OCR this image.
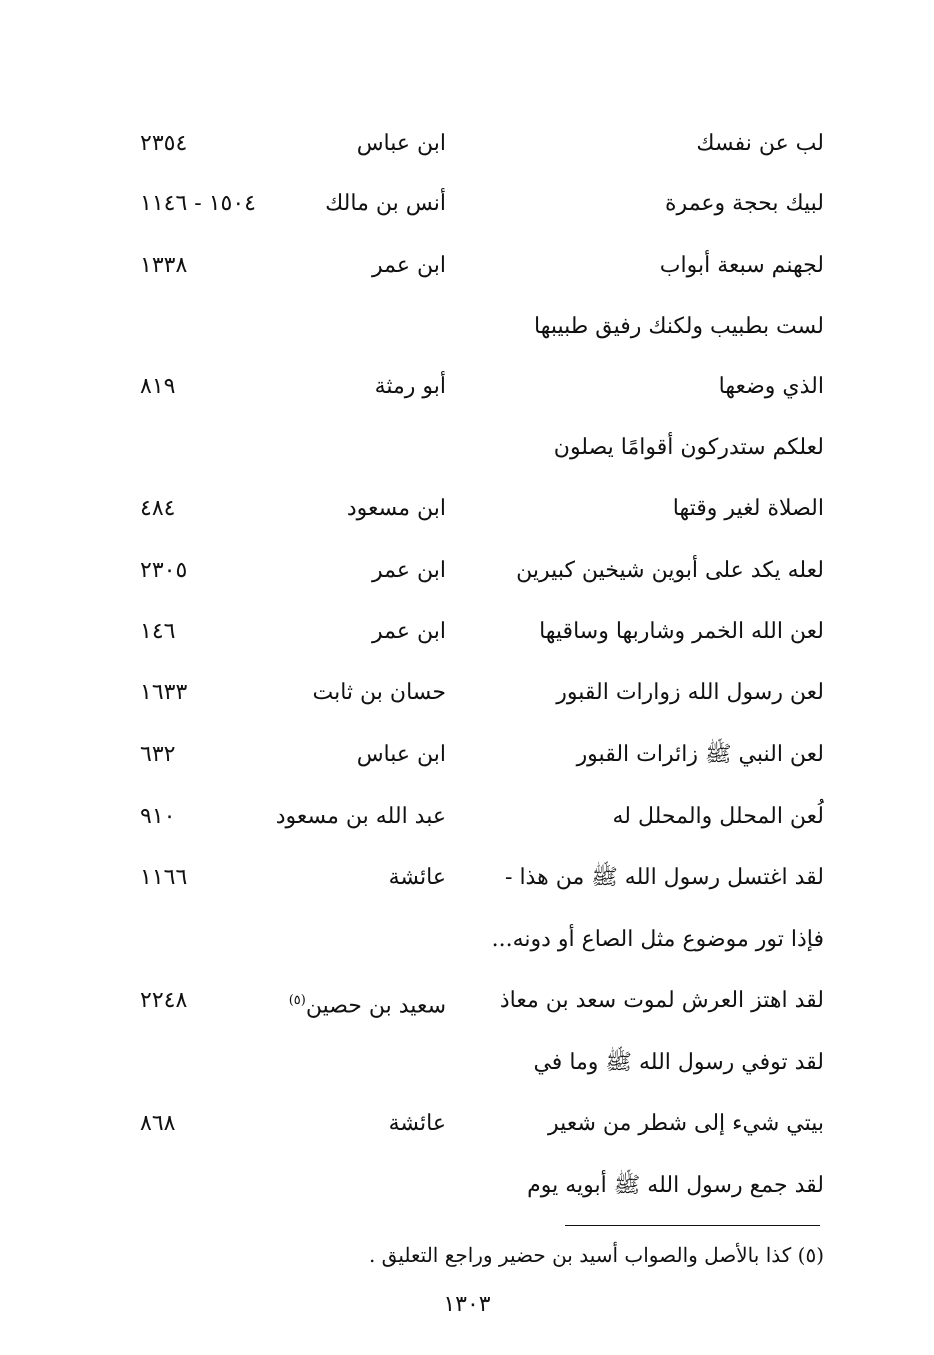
لب عن نفسك
ابن عباس
٢٣٥٤
لبيك بحجة وعمرة
أنس بن مالك
١٥٠٤ - ١١٤٦
لجهنم سبعة أبواب
ابن عمر
١٣٣٨
لست بطبيب ولكنك رفيق طبيبها
الذي وضعها
أبو رمثة
٨١٩
لعلكم ستدركون أقوامًا يصلون
الصلاة لغير وقتها
ابن مسعود
٤٨٤
لعله يكد على أبوين شيخين كبيرين
ابن عمر
٢٣٠٥
لعن الله الخمر وشاربها وساقيها
ابن عمر
١٤٦
لعن رسول الله زوارات القبور
حسان بن ثابت
١٦٣٣
لعن النبي ﷺ زائرات القبور
ابن عباس
٦٣٢
لُعن المحلل والمحلل له
عبد الله بن مسعود
٩١٠
لقد اغتسل رسول الله ﷺ من هذا -
عائشة
١١٦٦
فإذا تور موضوع مثل الصاع أو دونه...
لقد اهتز العرش لموت سعد بن معاذ
سعيد بن حصين$^{(٥)}$
٢٢٤٨
لقد توفي رسول الله ﷺ وما في
بيتي شيء إلى شطر من شعير
عائشة
٨٦٨
لقد جمع رسول الله ﷺ أبويه يوم
(٥) كذا بالأصل والصواب أسيد بن حضير وراجع التعليق .
١٣٠٣
